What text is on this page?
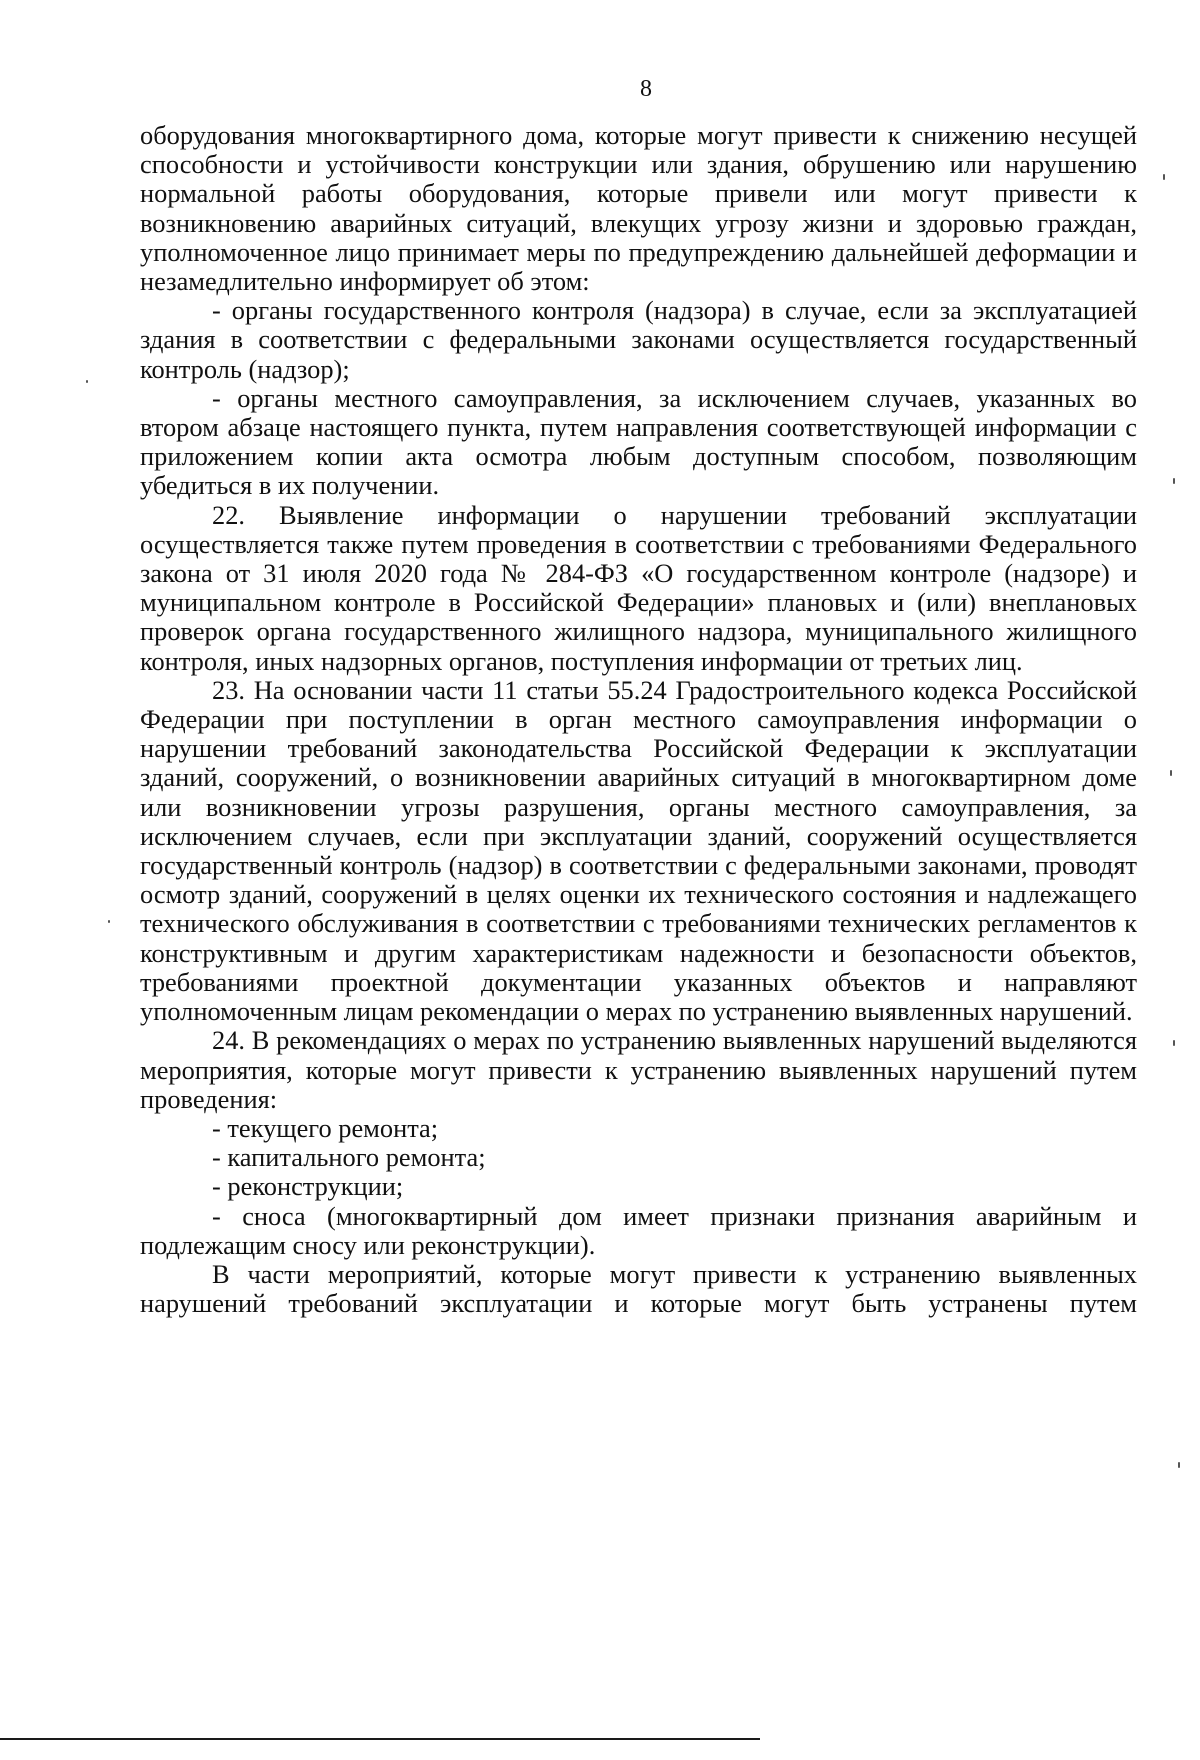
8

оборудования многоквартирного дома, которые могут привести к снижению несущей способности и устойчивости конструкции или здания, обрушению или нарушению нормальной работы оборудования, которые привели или могут привести к возникновению аварийных ситуаций, влекущих угрозу жизни и здоровью граждан, уполномоченное лицо принимает меры по предупреждению дальнейшей деформации и незамедлительно информирует об этом:

- органы государственного контроля (надзора) в случае, если за эксплуатацией здания в соответствии с федеральными законами осуществляется государственный контроль (надзор);

- органы местного самоуправления, за исключением случаев, указанных во втором абзаце настоящего пункта, путем направления соответствующей информации с приложением копии акта осмотра любым доступным способом, позволяющим убедиться в их получении.

22. Выявление информации о нарушении требований эксплуатации осуществляется также путем проведения в соответствии с требованиями Федерального закона от 31 июля 2020 года № 284-ФЗ «О государственном контроле (надзоре) и муниципальном контроле в Российской Федерации» плановых и (или) внеплановых проверок органа государственного жилищного надзора, муниципального жилищного контроля, иных надзорных органов, поступления информации от третьих лиц.

23. На основании части 11 статьи 55.24 Градостроительного кодекса Российской Федерации при поступлении в орган местного самоуправления информации о нарушении требований законодательства Российской Федерации к эксплуатации зданий, сооружений, о возникновении аварийных ситуаций в многоквартирном доме или возникновении угрозы разрушения, органы местного самоуправления, за исключением случаев, если при эксплуатации зданий, сооружений осуществляется государственный контроль (надзор) в соответствии с федеральными законами, проводят осмотр зданий, сооружений в целях оценки их технического состояния и надлежащего технического обслуживания в соответствии с требованиями технических регламентов к конструктивным и другим характеристикам надежности и безопасности объектов, требованиями проектной документации указанных объектов и направляют уполномоченным лицам рекомендации о мерах по устранению выявленных нарушений.

24. В рекомендациях о мерах по устранению выявленных нарушений выделяются мероприятия, которые могут привести к устранению выявленных нарушений путем проведения:

- текущего ремонта;

- капитального ремонта;

- реконструкции;

- сноса (многоквартирный дом имеет признаки признания аварийным и подлежащим сносу или реконструкции).

В части мероприятий, которые могут привести к устранению выявленных нарушений требований эксплуатации и которые могут быть устранены путем
